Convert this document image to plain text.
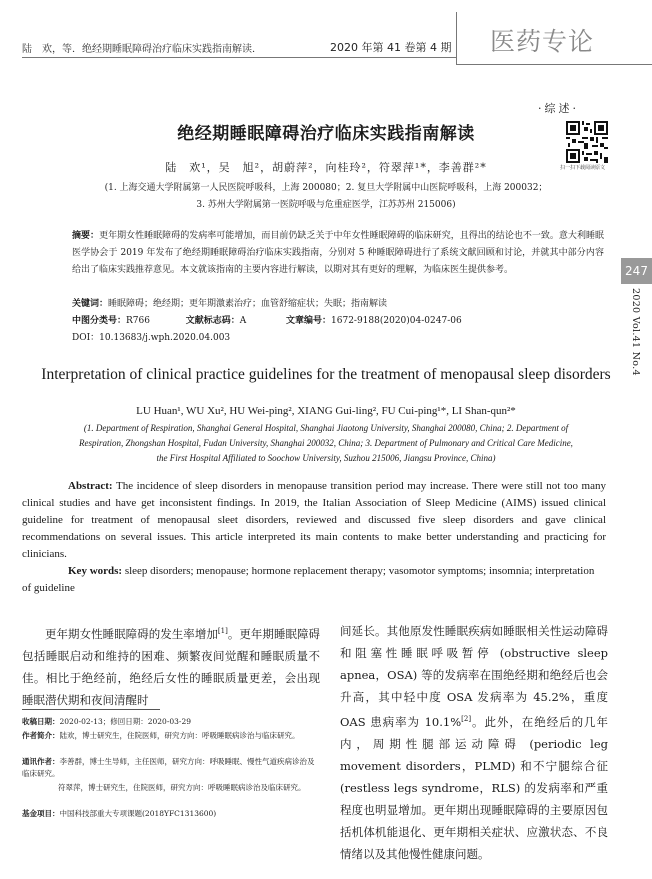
陆　欢，等．绝经期睡眠障碍治疗临床实践指南解读．	2020 年第 41 卷第 4 期 医药专论
247
2020 Vol.41 No.4
·综述·
扫一扫下载阅读原文
绝经期睡眠障碍治疗临床实践指南解读
陆　欢¹，吴　旭²，胡蔚萍²，向桂玲²，符翠萍¹*，李善群²*
(1. 上海交通大学附属第一人民医院呼吸科，上海 200080；2. 复旦大学附属中山医院呼吸科，上海 200032；
3. 苏州大学附属第一医院呼吸与危重症医学，江苏苏州 215006)
摘要：更年期女性睡眠障碍的发病率可能增加，而目前仍缺乏关于中年女性睡眠障碍的临床研究，且得出的结论也不一致。意大利睡眠医学协会于 2019 年发布了绝经期睡眠障碍治疗临床实践指南，分别对 5 种睡眠障碍进行了系统文献回顾和讨论，并就其中部分内容给出了临床实践推荐意见。本文就该指南的主要内容进行解读，以期对其有更好的理解，为临床医生提供参考。
关键词：睡眠障碍；绝经期；更年期激素治疗；血管舒缩症状；失眠；指南解读
中图分类号：R766	文献标志码：A	文章编号：1672-9188(2020)04-0247-06
DOI：10.13683/j.wph.2020.04.003
Interpretation of clinical practice guidelines for the treatment of menopausal sleep disorders
LU Huan¹, WU Xu², HU Wei-ping², XIANG Gui-ling², FU Cui-ping¹*, LI Shan-qun²*
(1. Department of Respiration, Shanghai General Hospital, Shanghai Jiaotong University, Shanghai 200080, China; 2. Department of
Respiration, Zhongshan Hospital, Fudan University, Shanghai 200032, China; 3. Department of Pulmonary and Critical Care Medicine,
the First Hospital Affiliated to Soochow University, Suzhou 215006, Jiangsu Province, China)
Abstract: The incidence of sleep disorders in menopause transition period may increase. There were still not too many clinical studies and have get inconsistent findings. In 2019, the Italian Association of Sleep Medicine (AIMS) issued clinical guideline for treatment of menopausal sleet disorders, reviewed and discussed five sleep disorders and gave clinical recommendations on several issues. This article interpreted its main contents to make better understanding and practicing for clinicians.
Key words: sleep disorders; menopause; hormone replacement therapy; vasomotor symptoms; insomnia; interpretation of guideline

更年期女性睡眠障碍的发生率增加[1]。更年期睡眠障碍包括睡眠启动和维持的困难、频繁夜间觉醒和睡眠质量不佳。相比于绝经前，绝经后女性的睡眠质量更差，会出现睡眠潜伏期和夜间清醒时

收稿日期：2020-02-13；修回日期：2020-03-29
作者简介：陆欢，博士研究生，住院医师，研究方向：呼吸睡眠病诊治与临床研究。
通讯作者：李善群，博士生导师，主任医师，研究方向：呼吸睡眠、慢性气道疾病诊治及临床研究。
符翠萍，博士研究生，住院医师，研究方向：呼吸睡眠病诊治及临床研究。
基金项目：中国科技部重大专项课题(2018YFC1313600)

间延长。其他原发性睡眠疾病如睡眠相关性运动障碍和阻塞性睡眠呼吸暂停 (obstructive sleep apnea，OSA) 等的发病率在围绝经期和绝经后也会升高，其中轻中度 OSA 发病率为 45.2%，重度 OAS 患病率为 10.1%[2]。此外，在绝经后的几年内，周期性腿部运动障碍 (periodic leg movement disorders，PLMD) 和不宁腿综合征 (restless legs syndrome，RLS) 的发病率和严重程度也明显增加。更年期出现睡眠障碍的主要原因包括机体机能退化、更年期相关症状、应激状态、不良情绪以及其他慢性健康问题。
